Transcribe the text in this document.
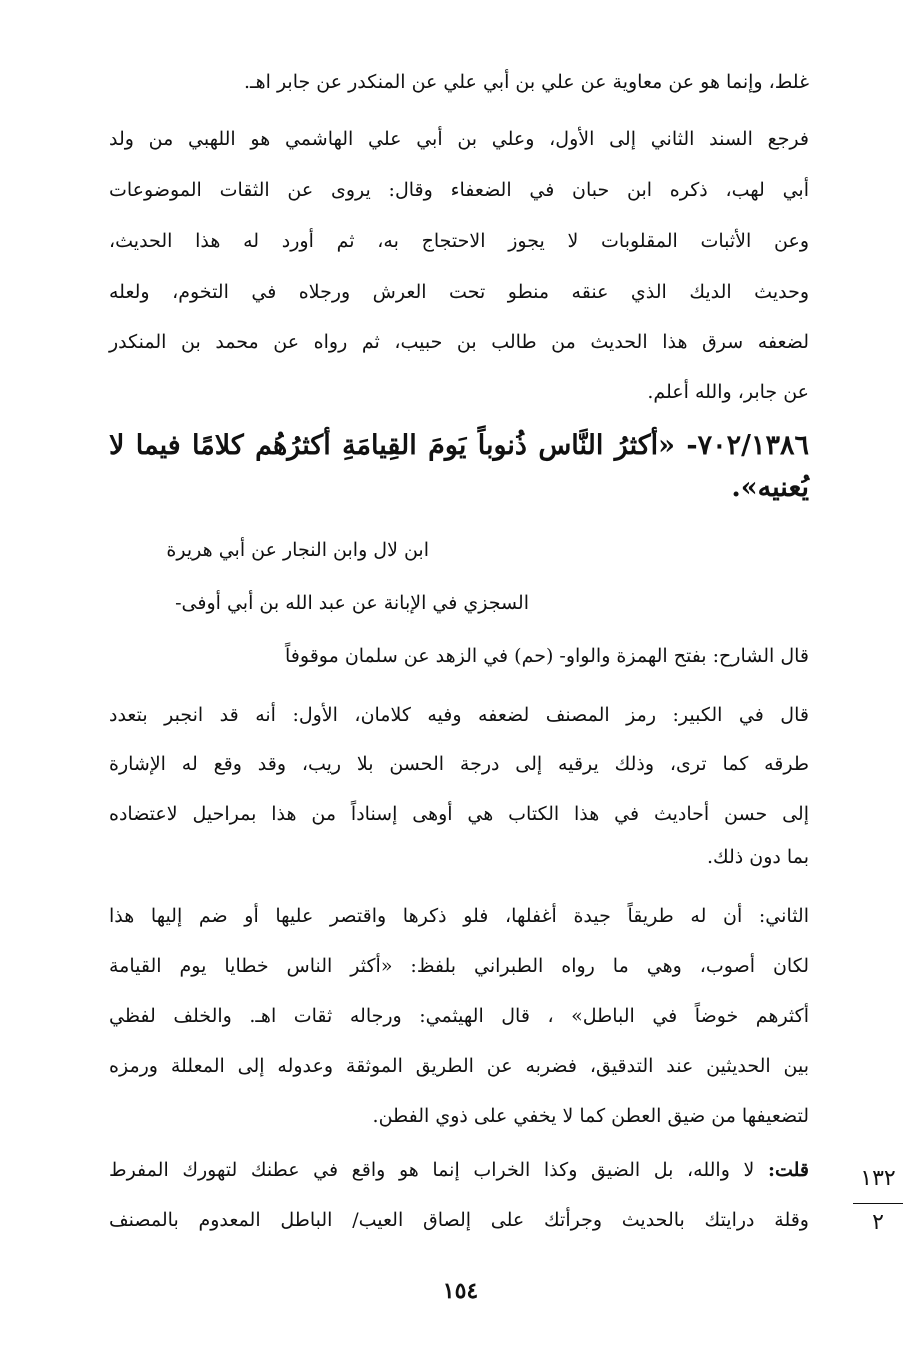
غلط، وإنما هو عن معاوية عن علي بن أبي علي عن المنكدر عن جابر اهـ.
فرجع السند الثاني إلى الأول، وعلي بن أبي علي الهاشمي هو اللهبي من ولد
أبي لهب، ذكره ابن حبان في الضعفاء وقال: يروى عن الثقات الموضوعات
وعن الأثبات المقلوبات لا يجوز الاحتجاج به، ثم أورد له هذا الحديث،
وحديث الديك الذي عنقه منطو تحت العرش ورجلاه في التخوم، ولعله
لضعفه سرق هذا الحديث من طالب بن حبيب، ثم رواه عن محمد بن المنكدر
عن جابر، والله أعلم.
٧٠٢/١٣٨٦- «أكثرُ النَّاس ذُنوباً يَومَ القِيامَةِ أكثرُهُم كلامًا فيما لا
يُعنيه».
ابن لال وابن النجار عن أبي هريرة
السجزي في الإبانة عن عبد الله بن أبي أوفى-
قال الشارح: بفتح الهمزة والواو- (حم) في الزهد عن سلمان موقوفاً
قال في الكبير: رمز المصنف لضعفه وفيه كلامان، الأول: أنه قد انجبر بتعدد
طرقه كما ترى، وذلك يرقيه إلى درجة الحسن بلا ريب، وقد وقع له الإشارة
إلى حسن أحاديث في هذا الكتاب هي أوهى إسناداً من هذا بمراحيل لاعتضاده
بما دون ذلك.
الثاني: أن له طريقاً جيدة أغفلها، فلو ذكرها واقتصر عليها أو ضم إليها هذا
لكان أصوب، وهي ما رواه الطبراني بلفظ: «أكثر الناس خطايا يوم القيامة
أكثرهم خوضاً في الباطل» ، قال الهيثمي: ورجاله ثقات اهـ. والخلف لفظي
بين الحديثين عند التدقيق، فضربه عن الطريق الموثقة وعدوله إلى المعللة ورمزه
لتضعيفها من ضيق العطن كما لا يخفي على ذوي الفطن.
قلت: لا والله، بل الضيق وكذا الخراب إنما هو واقع في عطنك لتهورك المفرط
وقلة درايتك بالحديث وجرأتك على إلصاق العيب/ الباطل المعدوم بالمصنف
١٣٢
٢
١٥٤
